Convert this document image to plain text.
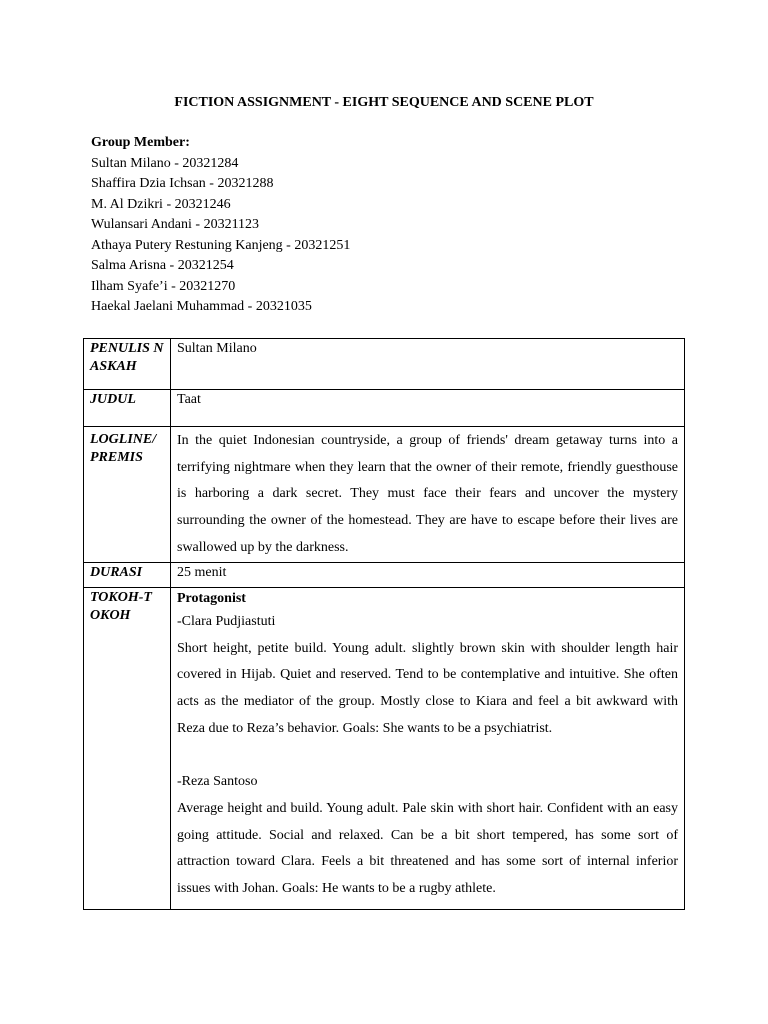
FICTION ASSIGNMENT - EIGHT SEQUENCE AND SCENE PLOT
Group Member:
Sultan Milano - 20321284
Shaffira Dzia Ichsan - 20321288
M. Al Dzikri - 20321246
Wulansari Andani - 20321123
Athaya Putery Restuning Kanjeng - 20321251
Salma Arisna - 20321254
Ilham Syafe’i - 20321270
Haekal Jaelani Muhammad - 20321035
PENULIS NASKAH	Sultan Milano
JUDUL	Taat
LOGLINE/ PREMIS	In the quiet Indonesian countryside, a group of friends' dream getaway turns into a terrifying nightmare when they learn that the owner of their remote, friendly guesthouse is harboring a dark secret. They must face their fears and uncover the mystery surrounding the owner of the homestead. They are have to escape before their lives are swallowed up by the darkness.
DURASI	25 menit
TOKOH-T OKOH	Protagonist

-Clara Pudjiastuti

Short height, petite build. Young adult. slightly brown skin with shoulder length hair covered in Hijab. Quiet and reserved. Tend to be contemplative and intuitive. She often acts as the mediator of the group. Mostly close to Kiara and feel a bit awkward with Reza due to Reza’s behavior. Goals: She wants to be a psychiatrist.

-Reza Santoso

Average height and build. Young adult. Pale skin with short hair. Confident with an easy going attitude. Social and relaxed. Can be a bit short tempered, has some sort of attraction toward Clara. Feels a bit threatened and has some sort of internal inferior issues with Johan. Goals: He wants to be a rugby athlete.
